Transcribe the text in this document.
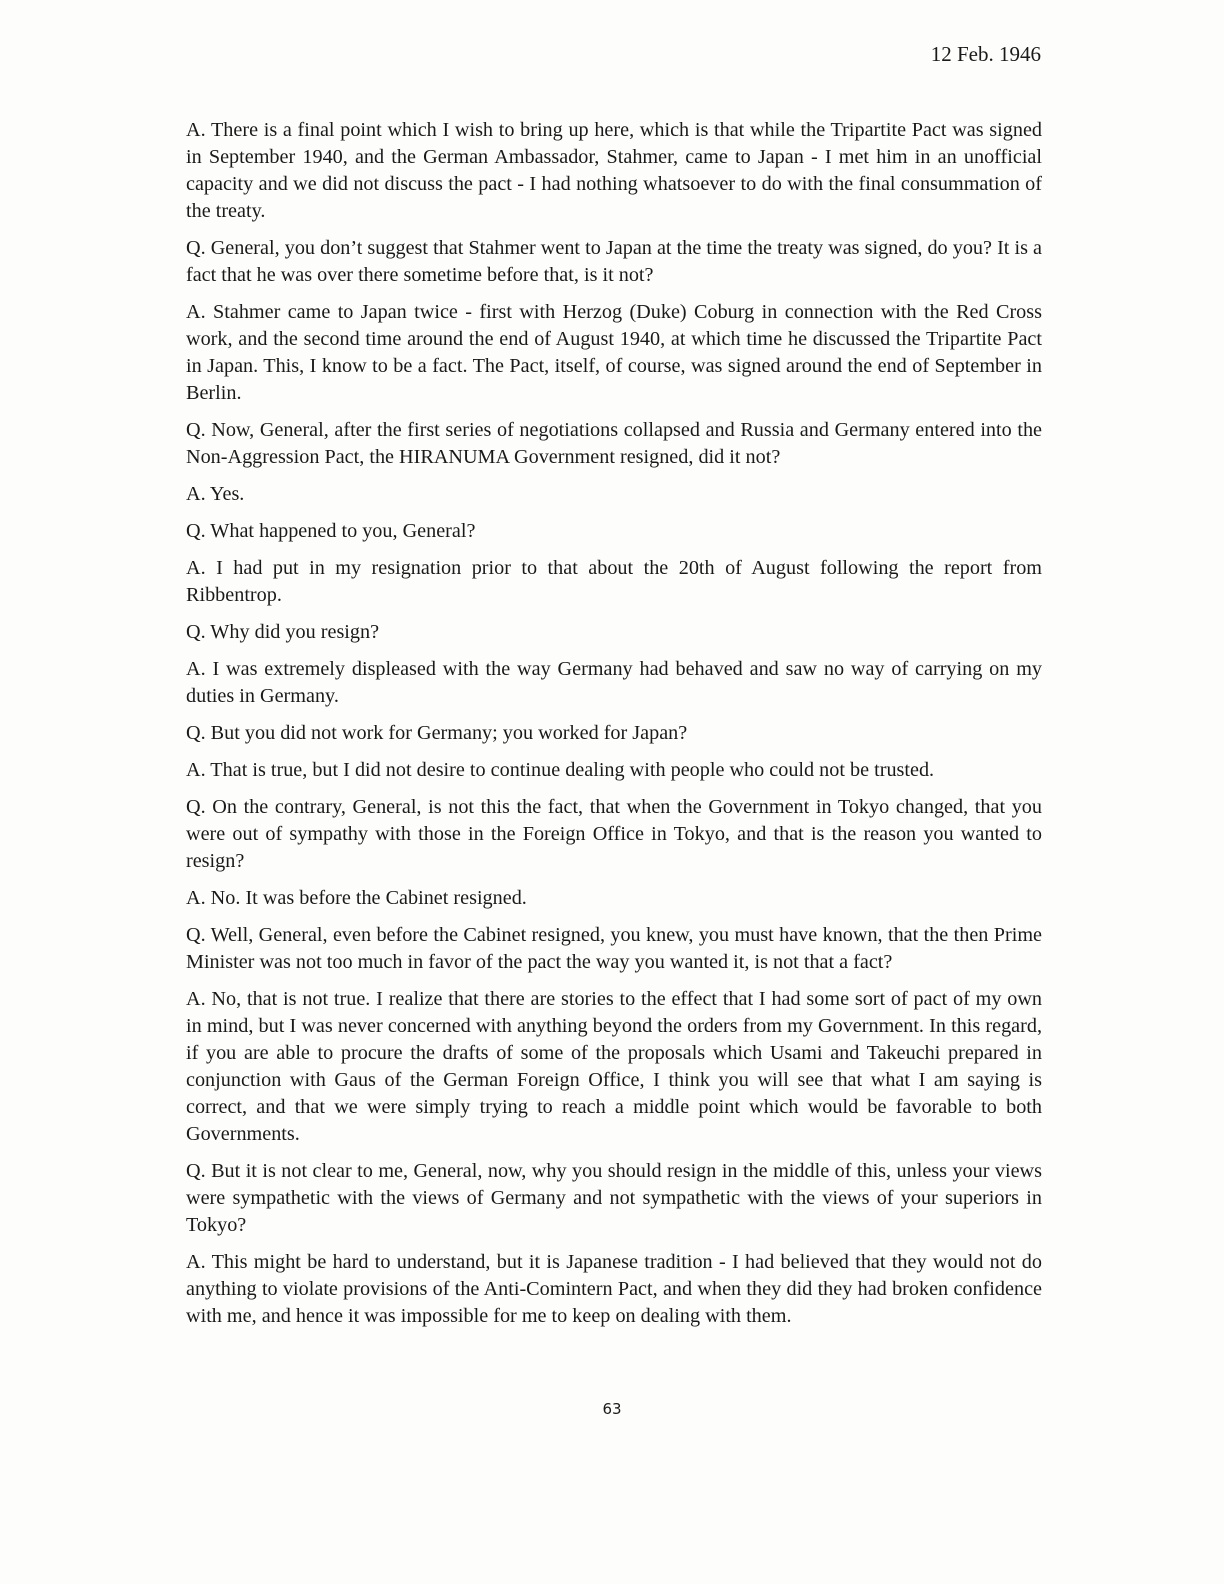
12 Feb. 1946

A. There is a final point which I wish to bring up here, which is that while the Tripartite Pact was signed in September 1940, and the German Ambassador, Stahmer, came to Japan - I met him in an unofficial capacity and we did not discuss the pact - I had nothing whatsoever to do with the final consummation of the treaty.

Q. General, you don’t suggest that Stahmer went to Japan at the time the treaty was signed, do you? It is a fact that he was over there sometime before that, is it not?

A. Stahmer came to Japan twice - first with Herzog (Duke) Coburg in connection with the Red Cross work, and the second time around the end of August 1940, at which time he discussed the Tripartite Pact in Japan. This, I know to be a fact. The Pact, itself, of course, was signed around the end of September in Berlin.

Q. Now, General, after the first series of negotiations collapsed and Russia and Germany entered into the Non-Aggression Pact, the HIRANUMA Government resigned, did it not?

A. Yes.

Q. What happened to you, General?

A. I had put in my resignation prior to that about the 20th of August following the report from Ribbentrop.

Q. Why did you resign?

A. I was extremely displeased with the way Germany had behaved and saw no way of carrying on my duties in Germany.

Q. But you did not work for Germany; you worked for Japan?

A. That is true, but I did not desire to continue dealing with people who could not be trusted.

Q. On the contrary, General, is not this the fact, that when the Government in Tokyo changed, that you were out of sympathy with those in the Foreign Office in Tokyo, and that is the reason you wanted to resign?

A. No. It was before the Cabinet resigned.

Q. Well, General, even before the Cabinet resigned, you knew, you must have known, that the then Prime Minister was not too much in favor of the pact the way you wanted it, is not that a fact?

A. No, that is not true. I realize that there are stories to the effect that I had some sort of pact of my own in mind, but I was never concerned with anything beyond the orders from my Government. In this regard, if you are able to procure the drafts of some of the proposals which Usami and Takeuchi prepared in conjunction with Gaus of the German Foreign Office, I think you will see that what I am saying is correct, and that we were simply trying to reach a middle point which would be favorable to both Governments.

Q. But it is not clear to me, General, now, why you should resign in the middle of this, unless your views were sympathetic with the views of Germany and not sympathetic with the views of your superiors in Tokyo?

A. This might be hard to understand, but it is Japanese tradition - I had believed that they would not do anything to violate provisions of the Anti-Comintern Pact, and when they did they had broken confidence with me, and hence it was impossible for me to keep on dealing with them.

63
